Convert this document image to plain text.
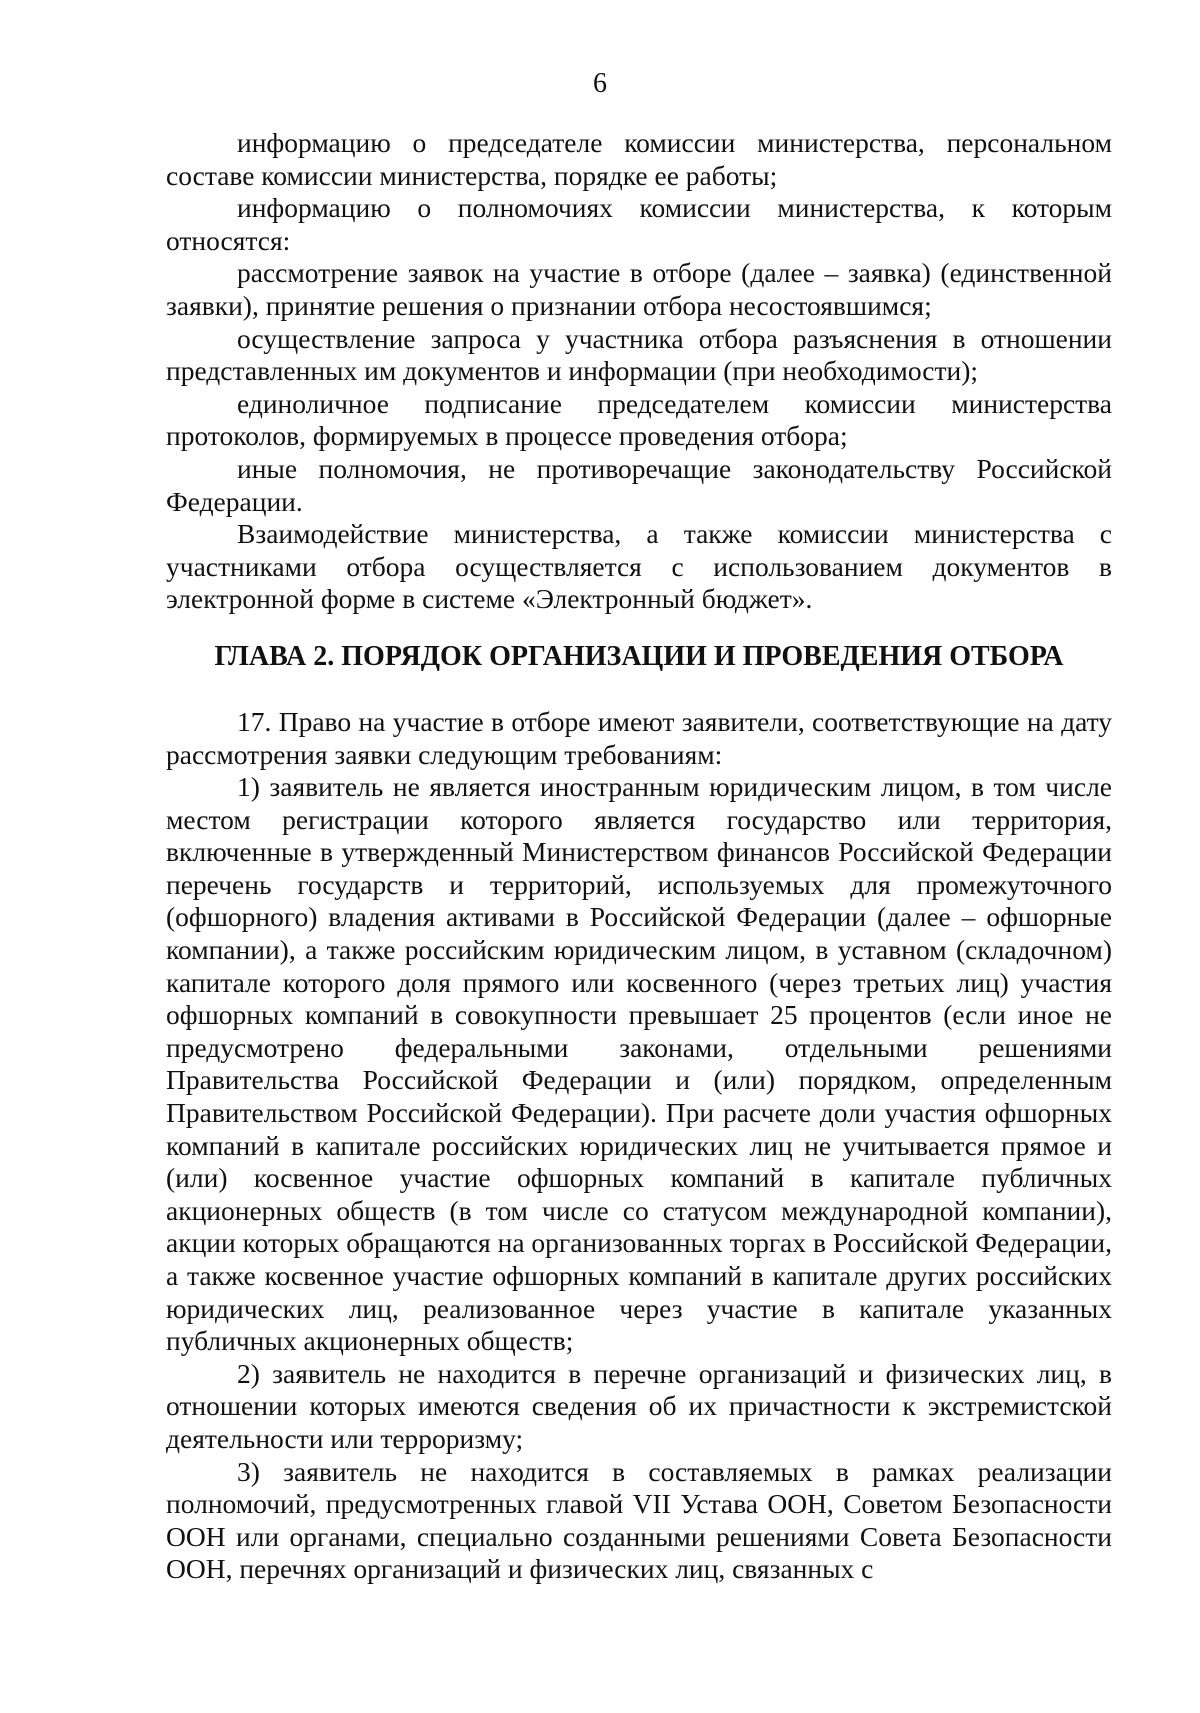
6

информацию о председателе комиссии министерства, персональном составе комиссии министерства, порядке ее работы;

информацию о полномочиях комиссии министерства, к которым относятся:

рассмотрение заявок на участие в отборе (далее – заявка) (единственной заявки), принятие решения о признании отбора несостоявшимся;

осуществление запроса у участника отбора разъяснения в отношении представленных им документов и информации (при необходимости);

единоличное подписание председателем комиссии министерства протоколов, формируемых в процессе проведения отбора;

иные полномочия, не противоречащие законодательству Российской Федерации.

Взаимодействие министерства, а также комиссии министерства с участниками отбора осуществляется с использованием документов в электронной форме в системе «Электронный бюджет».

ГЛАВА 2. ПОРЯДОК ОРГАНИЗАЦИИ И ПРОВЕДЕНИЯ ОТБОРА

17. Право на участие в отборе имеют заявители, соответствующие на дату рассмотрения заявки следующим требованиям:

1) заявитель не является иностранным юридическим лицом, в том числе местом регистрации которого является государство или территория, включенные в утвержденный Министерством финансов Российской Федерации перечень государств и территорий, используемых для промежуточного (офшорного) владения активами в Российской Федерации (далее – офшорные компании), а также российским юридическим лицом, в уставном (складочном) капитале которого доля прямого или косвенного (через третьих лиц) участия офшорных компаний в совокупности превышает 25 процентов (если иное не предусмотрено федеральными законами, отдельными решениями Правительства Российской Федерации и (или) порядком, определенным Правительством Российской Федерации). При расчете доли участия офшорных компаний в капитале российских юридических лиц не учитывается прямое и (или) косвенное участие офшорных компаний в капитале публичных акционерных обществ (в том числе со статусом международной компании), акции которых обращаются на организованных торгах в Российской Федерации, а также косвенное участие офшорных компаний в капитале других российских юридических лиц, реализованное через участие в капитале указанных публичных акционерных обществ;

2) заявитель не находится в перечне организаций и физических лиц, в отношении которых имеются сведения об их причастности к экстремистской деятельности или терроризму;

3) заявитель не находится в составляемых в рамках реализации полномочий, предусмотренных главой VII Устава ООН, Советом Безопасности ООН или органами, специально созданными решениями Совета Безопасности ООН, перечнях организаций и физических лиц, связанных с
